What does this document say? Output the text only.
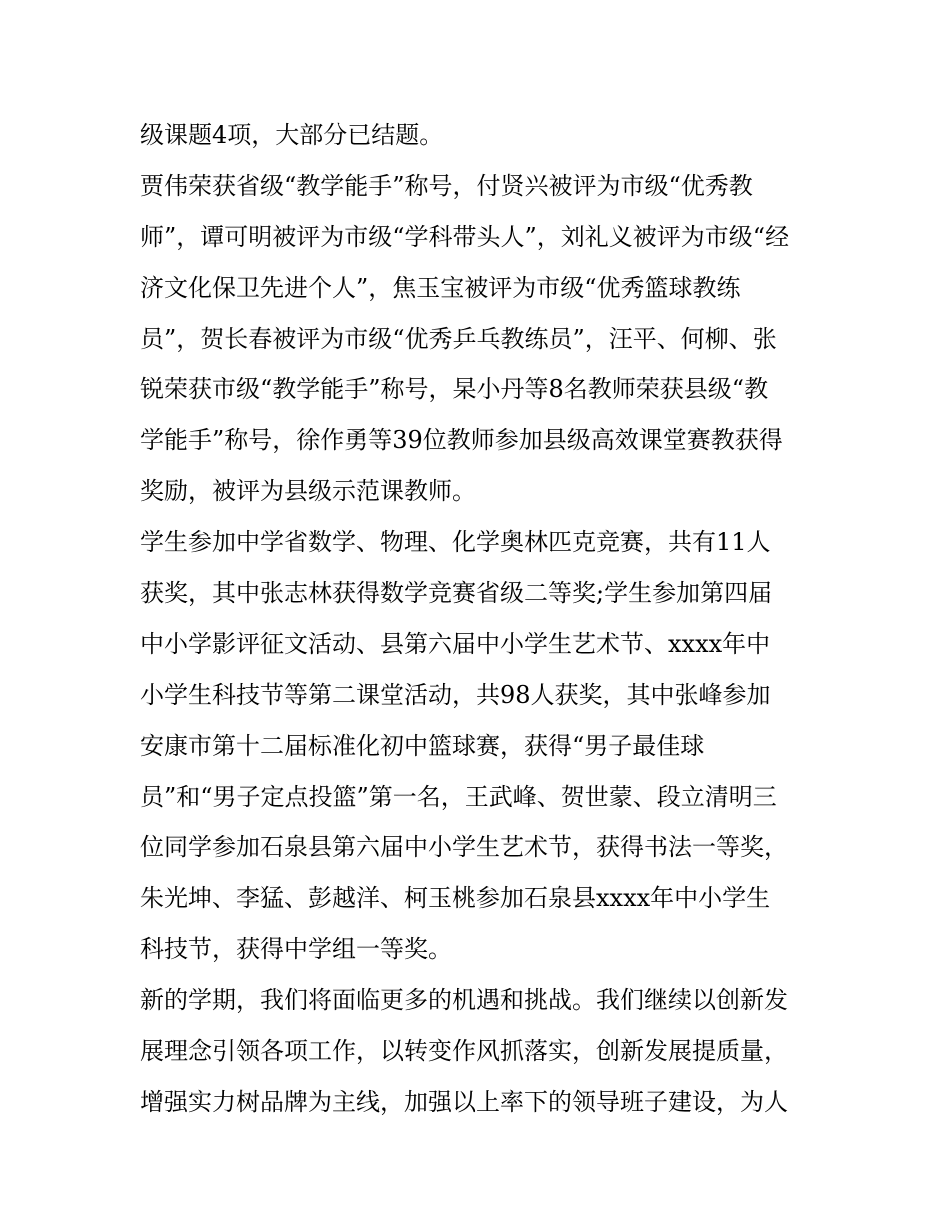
级课题4项，大部分已结题。
贾伟荣获省级“教学能手”称号，付贤兴被评为市级“优秀教
师”，谭可明被评为市级“学科带头人”，刘礼义被评为市级“经
济文化保卫先进个人”，焦玉宝被评为市级“优秀篮球教练
员”，贺长春被评为市级“优秀乒乓教练员”，汪平、何柳、张
锐荣获市级“教学能手”称号，杲小丹等8名教师荣获县级“教
学能手”称号，徐作勇等39位教师参加县级高效课堂赛教获得
奖励，被评为县级示范课教师。
学生参加中学省数学、物理、化学奥林匹克竞赛，共有11人
获奖，其中张志林获得数学竞赛省级二等奖;学生参加第四届
中小学影评征文活动、县第六届中小学生艺术节、xxxx年中
小学生科技节等第二课堂活动，共98人获奖，其中张峰参加
安康市第十二届标准化初中篮球赛，获得“男子最佳球
员”和“男子定点投篮”第一名，王武峰、贺世蒙、段立清明三
位同学参加石泉县第六届中小学生艺术节，获得书法一等奖，
朱光坤、李猛、彭越洋、柯玉桃参加石泉县xxxx年中小学生
科技节，获得中学组一等奖。
新的学期，我们将面临更多的机遇和挑战。我们继续以创新发
展理念引领各项工作，以转变作风抓落实，创新发展提质量，
增强实力树品牌为主线，加强以上率下的领导班子建设，为人
